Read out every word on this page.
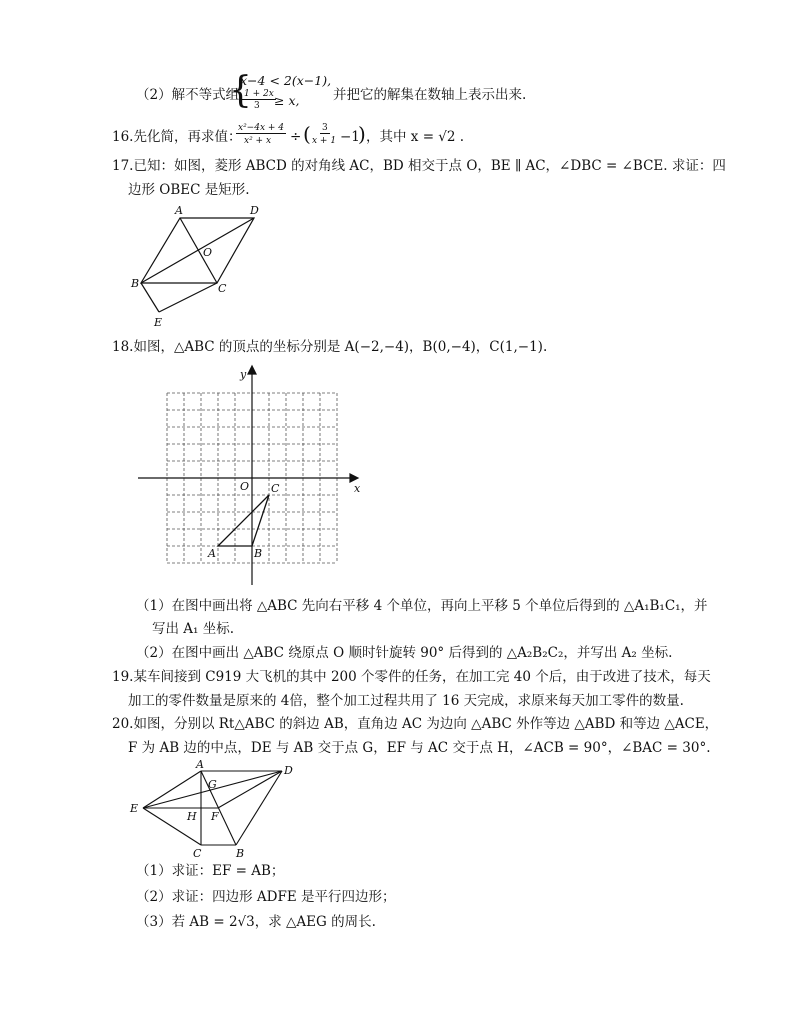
（2）解不等式组
{
x−4 < 2(x−1),
1 + 2x
3 ≥ x, 并把它的解集在数轴上表示出来.
16.先化简，再求值：
$\frac{\text{x²−4x + 4}}{\text{x² + x}}$ ÷ ( $\frac{3}{x + 1}$
−1
) ，其中 x = √2 .
17.已知：如图，菱形 ABCD 的对角线 AC，BD 相交于点 O，BE ∥ AC，∠DBC = ∠BCE. 求证：四
边形 OBEC 是矩形.
A	D
O
B	C
E
18.如图，△ABC 的顶点的坐标分别是 A(−2,−4)，B(0,−4)，C(1,−1).
y
x
O C
A	B
（1）在图中画出将 △ABC 先向右平移 4 个单位，再向上平移 5 个单位后得到的 △A₁B₁C₁，并
写出 A₁ 坐标.
（2）在图中画出 △ABC 绕原点 O 顺时针旋转 90° 后得到的 △A₂B₂C₂，并写出 A₂ 坐标.
19.某车间接到 C919 大飞机的其中 200 个零件的任务，在加工完 40 个后，由于改进了技术，每天
加工的零件数量是原来的 4倍，整个加工过程共用了 16 天完成，求原来每天加工零件的数量.
20.如图，分别以 Rt△ABC 的斜边 AB，直角边 AC 为边向 △ABC 外作等边 △ABD 和等边 △ACE，
F 为 AB 边的中点，DE 与 AB 交于点 G，EF 与 AC 交于点 H，∠ACB = 90°，∠BAC = 30°.
A	D
G
E
H F
C	B
（1）求证：EF = AB；
（2）求证：四边形 ADFE 是平行四边形；
（3）若 AB = 2√3，求 △AEG 的周长.
